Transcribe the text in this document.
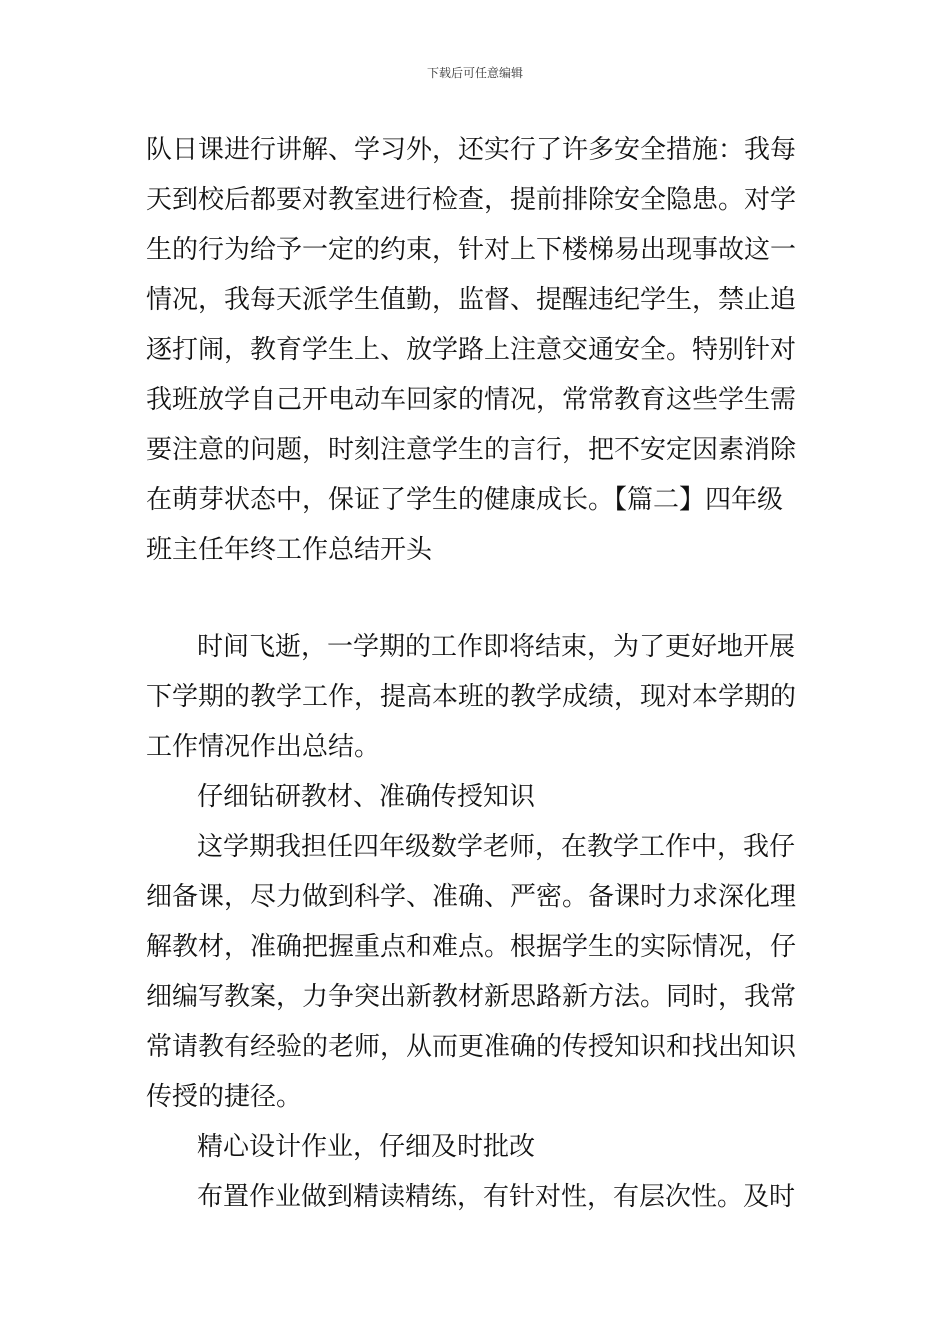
下载后可任意编辑
队日课进行讲解、学习外，还实行了许多安全措施：我每
天到校后都要对教室进行检查，提前排除安全隐患。对学
生的行为给予一定的约束，针对上下楼梯易出现事故这一
情况，我每天派学生值勤，监督、提醒违纪学生，禁止追
逐打闹，教育学生上、放学路上注意交通安全。特别针对
我班放学自己开电动车回家的情况，常常教育这些学生需
要注意的问题，时刻注意学生的言行，把不安定因素消除
在萌芽状态中，保证了学生的健康成长。【篇二】四年级
班主任年终工作总结开头
时间飞逝，一学期的工作即将结束，为了更好地开展
下学期的教学工作，提高本班的教学成绩，现对本学期的
工作情况作出总结。
仔细钻研教材、准确传授知识
这学期我担任四年级数学老师，在教学工作中，我仔
细备课，尽力做到科学、准确、严密。备课时力求深化理
解教材，准确把握重点和难点。根据学生的实际情况，仔
细编写教案，力争突出新教材新思路新方法。同时，我常
常请教有经验的老师，从而更准确的传授知识和找出知识
传授的捷径。
精心设计作业，仔细及时批改
布置作业做到精读精练，有针对性，有层次性。及时
